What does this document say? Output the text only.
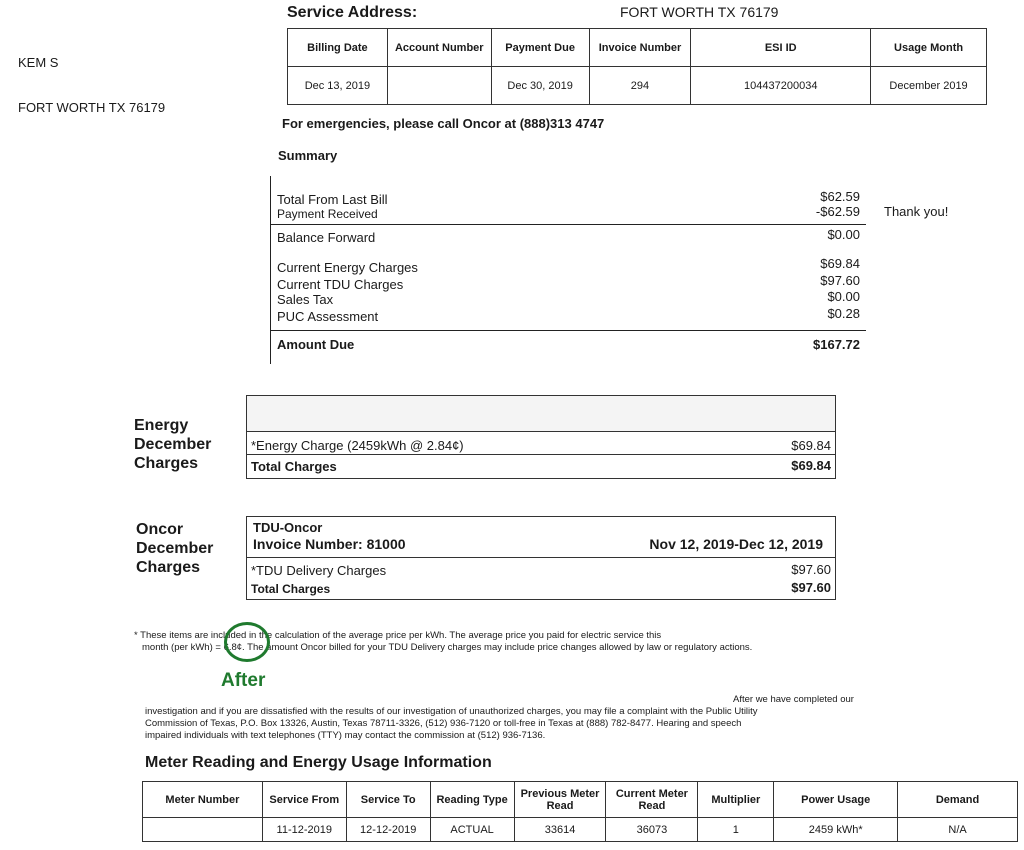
Service Address:	FORT WORTH TX 76179
KEM S
FORT WORTH TX 76179
Billing Date	Account Number	Payment Due	Invoice Number	ESI ID	Usage Month
Dec 13, 2019		Dec 30, 2019	294	104437200034	December 2019
For emergencies, please call Oncor at (888)313 4747
Summary
Total From Last Bill	$62.59
Payment Received	-$62.59 Thank you!
Balance Forward	$0.00
Current Energy Charges	$69.84
Current TDU Charges	$97.60
Sales Tax	$0.00
PUC Assessment	$0.28
Amount Due	$167.72
Energy
December
Charges
*Energy Charge (2459kWh @ 2.84¢)	$69.84
Total Charges	$69.84
Oncor
December
Charges
TDU-Oncor
Invoice Number: 81000	Nov 12, 2019-Dec 12, 2019
*TDU Delivery Charges	$97.60
Total Charges	$97.60
* These items are included in the calculation of the average price per kWh. The average price you paid for electric service this
month (per kWh) = 6.8¢. The amount Oncor billed for your TDU Delivery charges may include price changes allowed by law or regulatory actions.
After
After we have completed our
investigation and if you are dissatisfied with the results of our investigation of unauthorized charges, you may file a complaint with the Public Utility
Commission of Texas, P.O. Box 13326, Austin, Texas 78711-3326, (512) 936-7120 or toll-free in Texas at (888) 782-8477. Hearing and speech
impaired individuals with text telephones (TTY) may contact the commission at (512) 936-7136.
Meter Reading and Energy Usage Information
Meter Number	Service From	Service To	Reading Type	Previous Meter Read	Current Meter Read	Multiplier	Power Usage	Demand
	11-12-2019	12-12-2019	ACTUAL	33614	36073	1	2459 kWh*	N/A
